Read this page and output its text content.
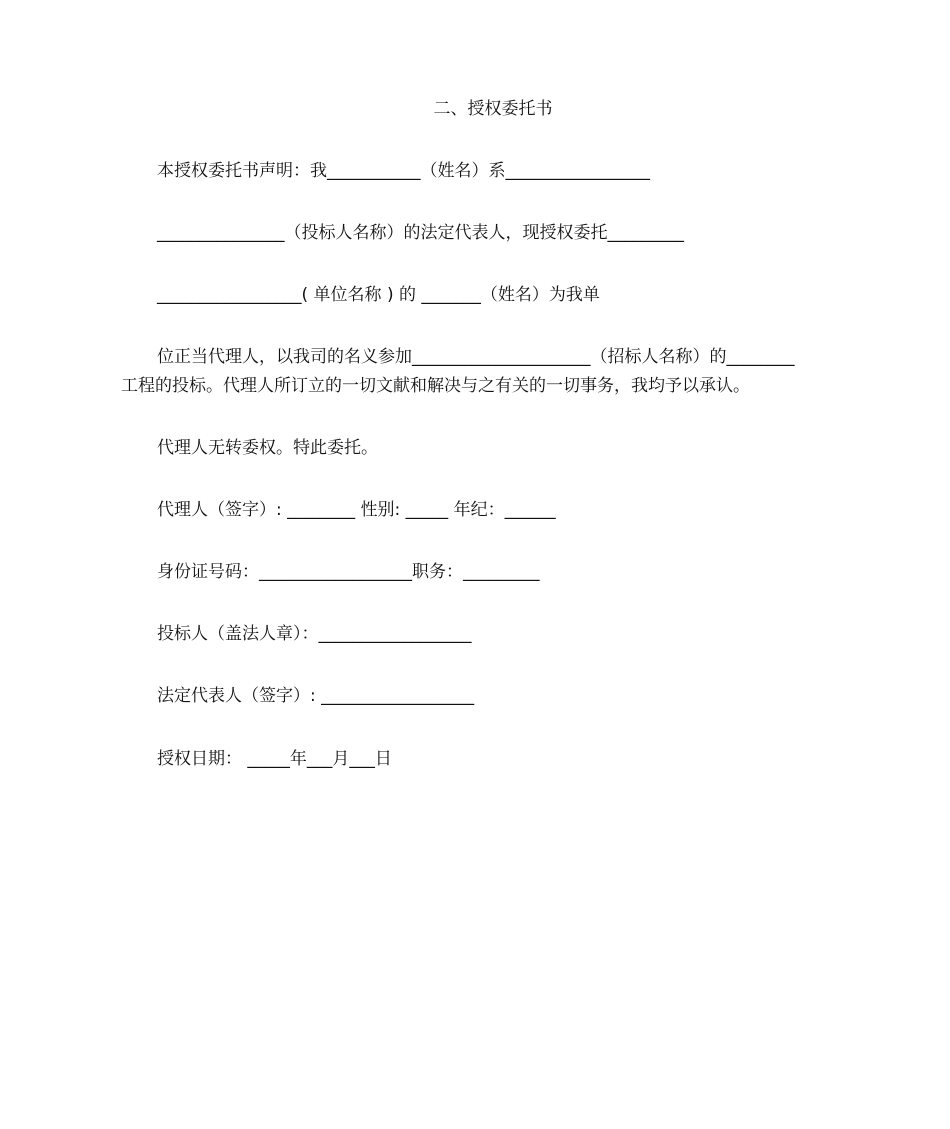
二、授权委托书
本授权委托书声明：我___________（姓名）系_________________
_______________（投标人名称）的法定代表人，现授权委托_________
_________________( 单位名称 ) 的 _______（姓名）为我单
位正当代理人，以我司的名义参加_____________________（招标人名称）的________
工程的投标。代理人所订立的一切文献和解决与之有关的一切事务，我均予以承认。
代理人无转委权。特此委托。
代理人（签字）: ________ 性别: _____ 年纪：______
身份证号码：__________________职务：_________
投标人（盖法人章）：__________________
法定代表人（签字）: __________________
授权日期： _____年___月___日
